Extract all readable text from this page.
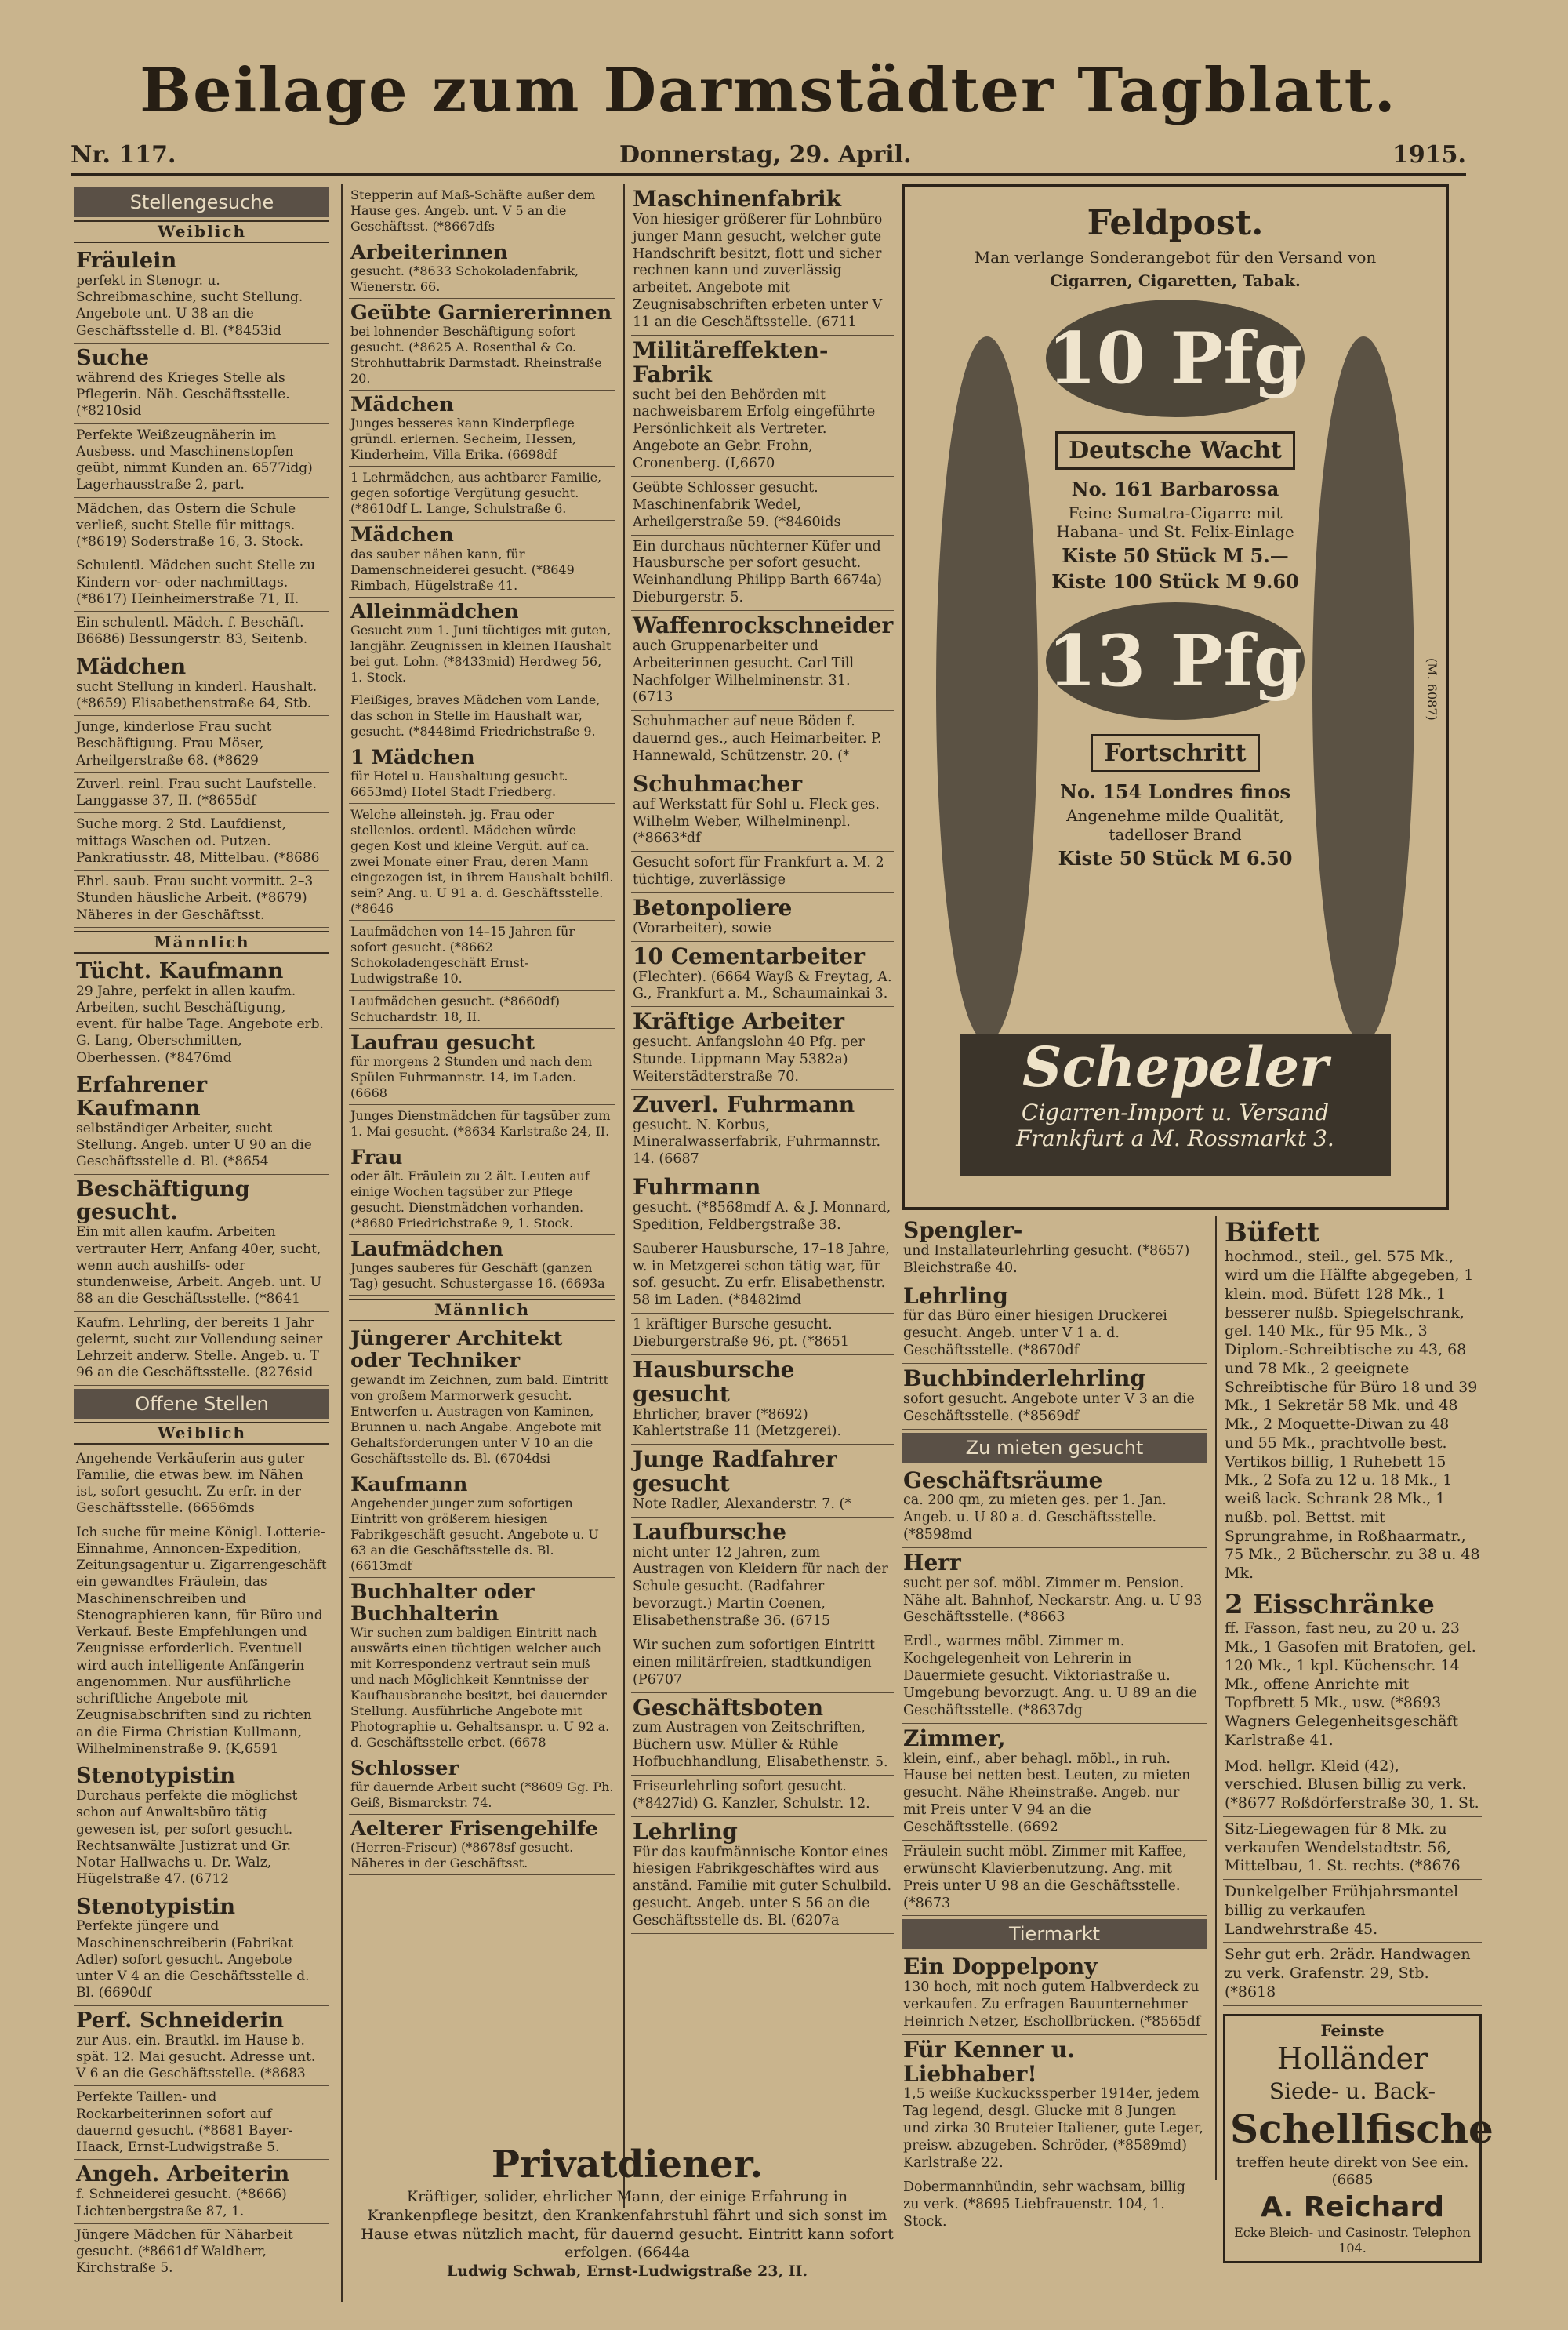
Beilage zum Darmstädter Tagblatt.
Nr. 117.	Donnerstag, 29. April.	1915.
Stellengesuche
Weiblich
Fräulein
perfekt in Stenogr. u. Schreibmaschine, sucht Stellung. Angebote unt. U 38 an die Geschäftsstelle d. Bl. (*8453id
Suche
während des Krieges Stelle als Pflegerin. Näh. Geschäftsstelle. (*8210sid
Perfekte Weißzeugnäherin im Ausbess. und Maschinenstopfen geübt, nimmt Kunden an. 6577idg) Lagerhausstraße 2, part.
Mädchen, das Ostern die Schule verließ, sucht Stelle für mittags. (*8619) Soderstraße 16, 3. Stock.
Schulentl. Mädchen sucht Stelle zu Kindern vor- oder nachmittags. (*8617) Heinheimerstraße 71, II.
Ein schulentl. Mädch. f. Beschäft. B6686) Bessungerstr. 83, Seitenb.
Mädchen
sucht Stellung in kinderl. Haushalt. (*8659) Elisabethenstraße 64, Stb.
Junge, kinderlose Frau sucht Beschäftigung. Frau Möser, Arheilgerstraße 68. (*8629
Zuverl. reinl. Frau sucht Laufstelle. Langgasse 37, II. (*8655df
Suche morg. 2 Std. Laufdienst, mittags Waschen od. Putzen. Pankratiusstr. 48, Mittelbau. (*8686
Ehrl. saub. Frau sucht vormitt. 2–3 Stunden häusliche Arbeit. (*8679) Näheres in der Geschäftsst.
Männlich
Tücht. Kaufmann
29 Jahre, perfekt in allen kaufm. Arbeiten, sucht Beschäftigung, event. für halbe Tage. Angebote erb. G. Lang, Oberschmitten, Oberhessen. (*8476md
Erfahrener Kaufmann
selbständiger Arbeiter, sucht Stellung. Angeb. unter U 90 an die Geschäftsstelle d. Bl. (*8654
Beschäftigung gesucht.
Ein mit allen kaufm. Arbeiten vertrauter Herr, Anfang 40er, sucht, wenn auch aushilfs- oder stundenweise, Arbeit. Angeb. unt. U 88 an die Geschäftsstelle. (*8641
Kaufm. Lehrling, der bereits 1 Jahr gelernt, sucht zur Vollendung seiner Lehrzeit anderw. Stelle. Angeb. u. T 96 an die Geschäftsstelle. (8276sid
Offene Stellen
Weiblich
Angehende Verkäuferin aus guter Familie, die etwas bew. im Nähen ist, sofort gesucht. Zu erfr. in der Geschäftsstelle. (6656mds
Ich suche für meine Königl. Lotterie-Einnahme, Annoncen-Expedition, Zeitungsagentur u. Zigarrengeschäft ein gewandtes Fräulein, das Maschinenschreiben und Stenographieren kann, für Büro und Verkauf. Beste Empfehlungen und Zeugnisse erforderlich. Eventuell wird auch intelligente Anfängerin angenommen. Nur ausführliche schriftliche Angebote mit Zeugnisabschriften sind zu richten an die Firma Christian Kullmann, Wilhelminenstraße 9. (K,6591
Stenotypistin
Durchaus perfekte die möglichst schon auf Anwaltsbüro tätig gewesen ist, per sofort gesucht. Rechtsanwälte Justizrat und Gr. Notar Hallwachs u. Dr. Walz, Hügelstraße 47. (6712
Stenotypistin
Perfekte jüngere und Maschinenschreiberin (Fabrikat Adler) sofort gesucht. Angebote unter V 4 an die Geschäftsstelle d. Bl. (6690df
Perf. Schneiderin
zur Aus. ein. Brautkl. im Hause b. spät. 12. Mai gesucht. Adresse unt. V 6 an die Geschäftsstelle. (*8683
Perfekte Taillen- und Rockarbeiterinnen sofort auf dauernd gesucht. (*8681 Bayer-Haack, Ernst-Ludwigstraße 5.
Angeh. Arbeiterin
f. Schneiderei gesucht. (*8666) Lichtenbergstraße 87, 1.
Jüngere Mädchen für Näharbeit gesucht. (*8661df Waldherr, Kirchstraße 5.
Stepperin auf Maß-Schäfte außer dem Hause ges. Angeb. unt. V 5 an die Geschäftsst. (*8667dfs
Arbeiterinnen
gesucht. (*8633 Schokoladenfabrik, Wienerstr. 66.
Geübte Garniererinnen
bei lohnender Beschäftigung sofort gesucht. (*8625 A. Rosenthal & Co. Strohhutfabrik Darmstadt. Rheinstraße 20.
Mädchen
Junges besseres kann Kinderpflege gründl. erlernen. Secheim, Hessen, Kinderheim, Villa Erika. (6698df
1 Lehrmädchen, aus achtbarer Familie, gegen sofortige Vergütung gesucht. (*8610df L. Lange, Schulstraße 6.
Mädchen
das sauber nähen kann, für Damenschneiderei gesucht. (*8649 Rimbach, Hügelstraße 41.
Alleinmädchen
Gesucht zum 1. Juni tüchtiges mit guten, langjähr. Zeugnissen in kleinen Haushalt bei gut. Lohn. (*8433mid) Herdweg 56, 1. Stock.
Fleißiges, braves Mädchen vom Lande, das schon in Stelle im Haushalt war, gesucht. (*8448imd Friedrichstraße 9.
1 Mädchen
für Hotel u. Haushaltung gesucht. 6653md) Hotel Stadt Friedberg.
Welche alleinsteh. jg. Frau oder stellenlos. ordentl. Mädchen würde gegen Kost und kleine Vergüt. auf ca. zwei Monate einer Frau, deren Mann eingezogen ist, in ihrem Haushalt behilfl. sein? Ang. u. U 91 a. d. Geschäftsstelle. (*8646
Laufmädchen von 14–15 Jahren für sofort gesucht. (*8662 Schokoladengeschäft Ernst-Ludwigstraße 10.
Laufmädchen gesucht. (*8660df) Schuchardstr. 18, II.
Laufrau gesucht
für morgens 2 Stunden und nach dem Spülen Fuhrmannstr. 14, im Laden. (6668
Junges Dienstmädchen für tagsüber zum 1. Mai gesucht. (*8634 Karlstraße 24, II.
Frau
oder ält. Fräulein zu 2 ält. Leuten auf einige Wochen tagsüber zur Pflege gesucht. Dienstmädchen vorhanden. (*8680 Friedrichstraße 9, 1. Stock.
Laufmädchen
Junges sauberes für Geschäft (ganzen Tag) gesucht. Schustergasse 16. (6693a
Männlich
Jüngerer Architekt oder Techniker
gewandt im Zeichnen, zum bald. Eintritt von großem Marmorwerk gesucht. Entwerfen u. Austragen von Kaminen, Brunnen u. nach Angabe. Angebote mit Gehaltsforderungen unter V 10 an die Geschäftsstelle ds. Bl. (6704dsi
Kaufmann
Angehender junger zum sofortigen Eintritt von größerem hiesigen Fabrikgeschäft gesucht. Angebote u. U 63 an die Geschäftsstelle ds. Bl. (6613mdf
Buchhalter oder Buchhalterin
Wir suchen zum baldigen Eintritt nach auswärts einen tüchtigen welcher auch mit Korrespondenz vertraut sein muß und nach Möglichkeit Kenntnisse der Kaufhausbranche besitzt, bei dauernder Stellung. Ausführliche Angebote mit Photographie u. Gehaltsanspr. u. U 92 a. d. Geschäftsstelle erbet. (6678
Schlosser
für dauernde Arbeit sucht (*8609 Gg. Ph. Geiß, Bismarckstr. 74.
Aelterer Frisengehilfe
(Herren-Friseur) (*8678sf gesucht. Näheres in der Geschäftsst.
Maschinenfabrik
Von hiesiger größerer für Lohnbüro junger Mann gesucht, welcher gute Handschrift besitzt, flott und sicher rechnen kann und zuverlässig arbeitet. Angebote mit Zeugnisabschriften erbeten unter V 11 an die Geschäftsstelle. (6711
Militäreffekten-Fabrik
sucht bei den Behörden mit nachweisbarem Erfolg eingeführte Persönlichkeit als Vertreter. Angebote an Gebr. Frohn, Cronenberg. (I,6670
Geübte Schlosser gesucht. Maschinenfabrik Wedel, Arheilgerstraße 59. (*8460ids
Ein durchaus nüchterner Küfer und Hausbursche per sofort gesucht. Weinhandlung Philipp Barth 6674a) Dieburgerstr. 5.
Waffenrockschneider
auch Gruppenarbeiter und Arbeiterinnen gesucht. Carl Till Nachfolger Wilhelminenstr. 31. (6713
Schuhmacher auf neue Böden f. dauernd ges., auch Heimarbeiter. P. Hannewald, Schützenstr. 20. (*
Schuhmacher
auf Werkstatt für Sohl u. Fleck ges. Wilhelm Weber, Wilhelminenpl. (*8663*df
Gesucht sofort für Frankfurt a. M. 2 tüchtige, zuverlässige
Betonpoliere
(Vorarbeiter), sowie
10 Cementarbeiter
(Flechter). (6664 Wayß & Freytag, A. G., Frankfurt a. M., Schaumainkai 3.
Kräftige Arbeiter
gesucht. Anfangslohn 40 Pfg. per Stunde. Lippmann May 5382a) Weiterstädterstraße 70.
Zuverl. Fuhrmann
gesucht. N. Korbus, Mineralwasserfabrik, Fuhrmannstr. 14. (6687
Fuhrmann
gesucht. (*8568mdf A. & J. Monnard, Spedition, Feldbergstraße 38.
Sauberer Hausbursche, 17–18 Jahre, w. in Metzgerei schon tätig war, für sof. gesucht. Zu erfr. Elisabethenstr. 58 im Laden. (*8482imd
1 kräftiger Bursche gesucht. Dieburgerstraße 96, pt. (*8651
Hausbursche gesucht
Ehrlicher, braver (*8692) Kahlertstraße 11 (Metzgerei).
Junge Radfahrer gesucht
Note Radler, Alexanderstr. 7. (*
Laufbursche
nicht unter 12 Jahren, zum Austragen von Kleidern für nach der Schule gesucht. (Radfahrer bevorzugt.) Martin Coenen, Elisabethenstraße 36. (6715
Wir suchen zum sofortigen Eintritt einen militärfreien, stadtkundigen (P6707
Geschäftsboten
zum Austragen von Zeitschriften, Büchern usw. Müller & Rühle Hofbuchhandlung, Elisabethenstr. 5.
Friseurlehrling sofort gesucht. (*8427id) G. Kanzler, Schulstr. 12.
Lehrling
Für das kaufmännische Kontor eines hiesigen Fabrikgeschäftes wird aus anständ. Familie mit guter Schulbild. gesucht. Angeb. unter S 56 an die Geschäftsstelle ds. Bl. (6207a
Privatdiener.
Kräftiger, solider, ehrlicher Mann, der einige Erfahrung in Krankenpflege besitzt, den Krankenfahrstuhl fährt und sich sonst im Hause etwas nützlich macht, für dauernd gesucht. Eintritt kann sofort erfolgen. (6644a
Ludwig Schwab, Ernst-Ludwigstraße 23, II.
Feldpost.
Man verlange Sonderangebot für den Versand von
Cigarren, Cigaretten, Tabak.
10 Pfg
Deutsche Wacht
No. 161 Barbarossa
Feine Sumatra-Cigarre mit Habana- und St. Felix-Einlage
Kiste 50 Stück M 5.—
Kiste 100 Stück M 9.60
13 Pfg
Fortschritt
No. 154 Londres finos
Angenehme milde Qualität, tadelloser Brand
Kiste 50 Stück M 6.50
Schepeler
Cigarren-Import u. Versand
Frankfurt a M. Rossmarkt 3.
(M. 6087)
Spengler-
und Installateurlehrling gesucht. (*8657) Bleichstraße 40.
Lehrling
für das Büro einer hiesigen Druckerei gesucht. Angeb. unter V 1 a. d. Geschäftsstelle. (*8670df
Buchbinderlehrling
sofort gesucht. Angebote unter V 3 an die Geschäftsstelle. (*8569df
Zu mieten gesucht
Geschäftsräume
ca. 200 qm, zu mieten ges. per 1. Jan. Angeb. u. U 80 a. d. Geschäftsstelle. (*8598md
Herr
sucht per sof. möbl. Zimmer m. Pension. Nähe alt. Bahnhof, Neckarstr. Ang. u. U 93 Geschäftsstelle. (*8663
Erdl., warmes möbl. Zimmer m. Kochgelegenheit von Lehrerin in Dauermiete gesucht. Viktoriastraße u. Umgebung bevorzugt. Ang. u. U 89 an die Geschäftsstelle. (*8637dg
Zimmer,
klein, einf., aber behagl. möbl., in ruh. Hause bei netten best. Leuten, zu mieten gesucht. Nähe Rheinstraße. Angeb. nur mit Preis unter V 94 an die Geschäftsstelle. (6692
Fräulein sucht möbl. Zimmer mit Kaffee, erwünscht Klavierbenutzung. Ang. mit Preis unter U 98 an die Geschäftsstelle. (*8673
Tiermarkt
Ein Doppelpony
130 hoch, mit noch gutem Halbverdeck zu verkaufen. Zu erfragen Bauunternehmer Heinrich Netzer, Eschollbrücken. (*8565df
Für Kenner u. Liebhaber!
1,5 weiße Kuckuckssperber 1914er, jedem Tag legend, desgl. Glucke mit 8 Jungen und zirka 30 Bruteier Italiener, gute Leger, preisw. abzugeben. Schröder, (*8589md) Karlstraße 22.
Dobermannhündin, sehr wachsam, billig zu verk. (*8695 Liebfrauenstr. 104, 1. Stock.
Büfett
hochmod., steil., gel. 575 Mk., wird um die Hälfte abgegeben, 1 klein. mod. Büfett 128 Mk., 1 besserer nußb. Spiegelschrank, gel. 140 Mk., für 95 Mk., 3 Diplom.-Schreibtische zu 43, 68 und 78 Mk., 2 geeignete Schreibtische für Büro 18 und 39 Mk., 1 Sekretär 58 Mk. und 48 Mk., 2 Moquette-Diwan zu 48 und 55 Mk., prachtvolle best. Vertikos billig, 1 Ruhebett 15 Mk., 2 Sofa zu 12 u. 18 Mk., 1 weiß lack. Schrank 28 Mk., 1 nußb. pol. Bettst. mit Sprungrahme, in Roßhaarmatr., 75 Mk., 2 Bücherschr. zu 38 u. 48 Mk.
2 Eisschränke
ff. Fasson, fast neu, zu 20 u. 23 Mk., 1 Gasofen mit Bratofen, gel. 120 Mk., 1 kpl. Küchenschr. 14 Mk., offene Anrichte mit Topfbrett 5 Mk., usw. (*8693 Wagners Gelegenheitsgeschäft Karlstraße 41.
Mod. hellgr. Kleid (42), verschied. Blusen billig zu verk. (*8677 Roßdörferstraße 30, 1. St.
Sitz-Liegewagen für 8 Mk. zu verkaufen Wendelstadtstr. 56, Mittelbau, 1. St. rechts. (*8676
Dunkelgelber Frühjahrsmantel billig zu verkaufen Landwehrstraße 45.
Sehr gut erh. 2rädr. Handwagen zu verk. Grafenstr. 29, Stb. (*8618
Feinste
Holländer
Siede- u. Back-
Schellfische
treffen heute direkt von See ein. (6685
A. Reichard
Ecke Bleich- und Casinostr. Telephon 104.
